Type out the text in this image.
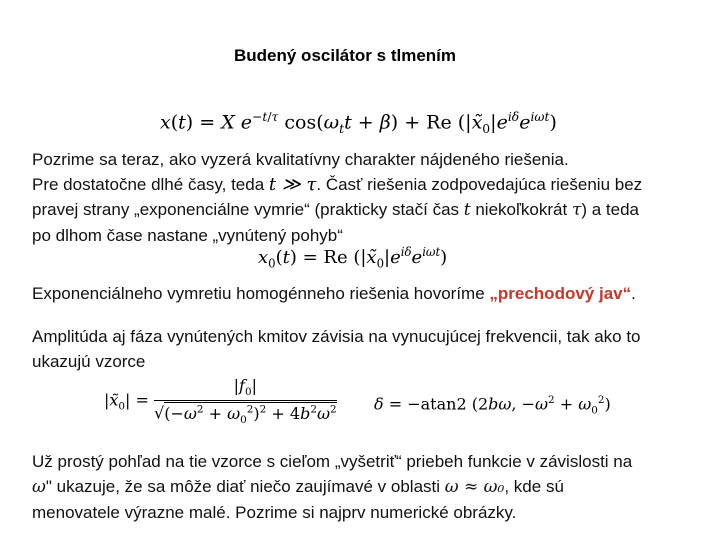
Budený oscilátor s tlmením
x(t) = X $e^{-t/\tau}$ $\cos(\omega_tt + \beta) + Re$ $(|x̃_0|e^{i\delta}e^{i\omega t})$
Pozrime sa teraz, ako vyzerá kvalitatívny charakter nájdeného riešenia.
Pre dostatočne dlhé časy, teda t ≫ τ. Časť riešenia zodpovedajúca riešeniu bez
pravej strany „exponenciálne vymrie“ (prakticky stačí čas t niekoľkokrát τ) a teda
po dlhom čase nastane „vynútený pohyb“
$x_0(t) = Re$ $(|x̃_0|e^{i\delta}e^{i\omega t})$
Exponenciálneho vymretiu homogénneho riešenia hovoríme „prechodový jav“.
Amplitúda aj fáza vynútených kmitov závisia na vynucujúcej frekvencii, tak ako to
ukazujú vzorce
$|x̃_0| = \frac{|f_0|}{√(-\omega^2 + \omega_0^2)^2 + 4b^2\omega^2}$ δ = −atan2 (2bω, $-\omega^2 + \omega_0^2$)
Už prostý pohľad na tie vzorce s cieľom „vyšetriť“ priebeh funkcie v závislosti na
ω" ukazuje, že sa môže diať niečo zaujímavé v oblasti ω ≈ ω₀, kde sú
menovatele výrazne malé. Pozrime si najprv numerické obrázky.
